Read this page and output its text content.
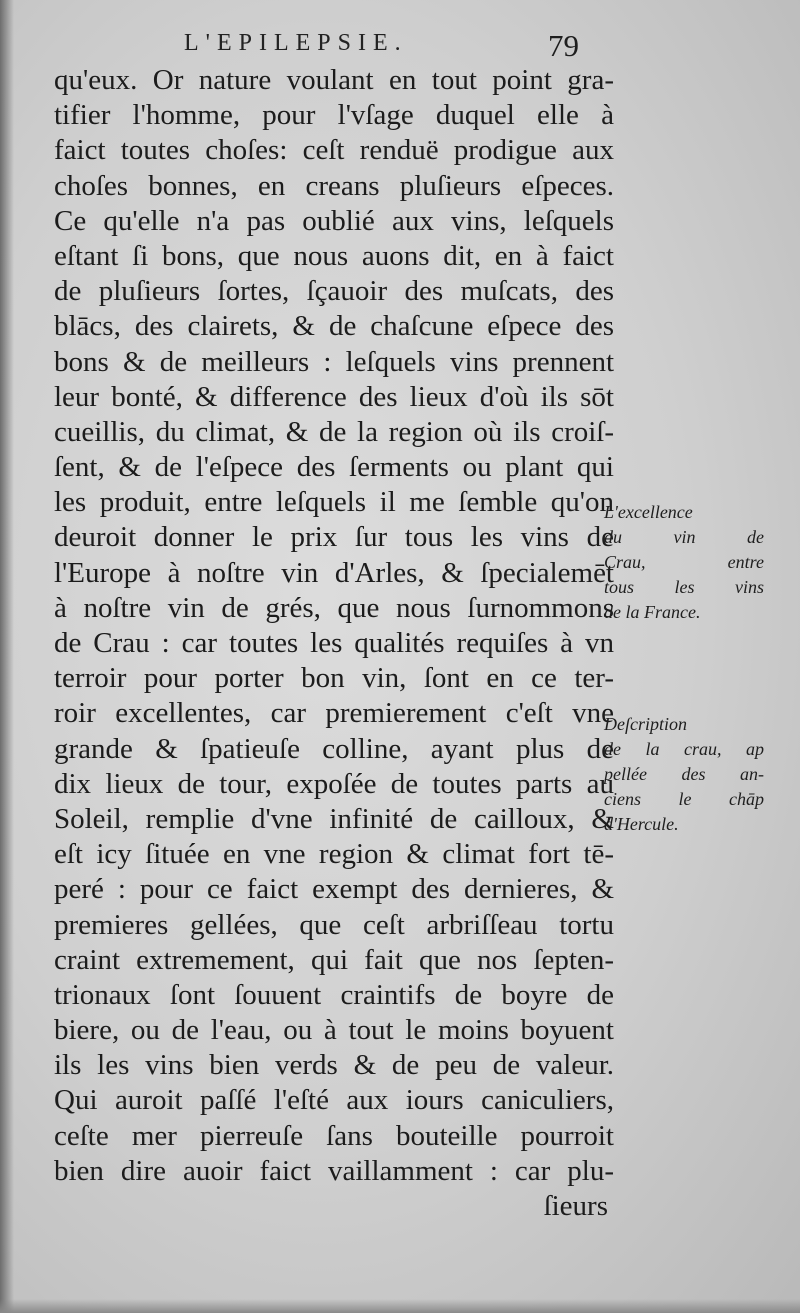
L'EPILEPSIE.	79
qu'eux. Or nature voulant en tout point gra-
tifier l'homme, pour l'vſage duquel elle à
faict toutes choſes: ceſt renduë prodigue aux
choſes bonnes, en creans pluſieurs eſpeces.
Ce qu'elle n'a pas oublié aux vins, leſquels
eſtant ſi bons, que nous auons dit, en à faict
de pluſieurs ſortes, ſçauoir des muſcats, des
blācs, des clairets, & de chaſcune eſpece des
bons & de meilleurs : leſquels vins prennent
leur bonté, & difference des lieux d'où ils sōt
cueillis, du climat, & de la region où ils croiſ-
ſent, & de l'eſpece des ſerments ou plant qui
les produit, entre leſquels il me ſemble qu'on
deuroit donner le prix ſur tous les vins de
l'Europe à noſtre vin d'Arles, & ſpecialemēt
à noſtre vin de grés, que nous ſurnommons
de Crau : car toutes les qualités requiſes à vn
terroir pour porter bon vin, ſont en ce ter-
roir excellentes, car premierement c'eſt vne
grande & ſpatieuſe colline, ayant plus de
dix lieux de tour, expoſée de toutes parts au
Soleil, remplie d'vne infinité de cailloux, &
eſt icy ſituée en vne region & climat fort tē-
peré : pour ce faict exempt des dernieres, &
premieres gellées, que ceſt arbriſſeau tortu
craint extremement, qui fait que nos ſepten-
trionaux ſont ſouuent craintifs de boyre de
biere, ou de l'eau, ou à tout le moins boyuent
ils les vins bien verds & de peu de valeur.
Qui auroit paſſé l'eſté aux iours caniculiers,
ceſte mer pierreuſe ſans bouteille pourroit
bien dire auoir faict vaillamment : car plu-
ſieurs
L'excellence
du vin de
Crau, entre
tous les vins
de la France.
Deſcription
de la crau, ap
pellée des an-
ciens le chāp
d'Hercule.
